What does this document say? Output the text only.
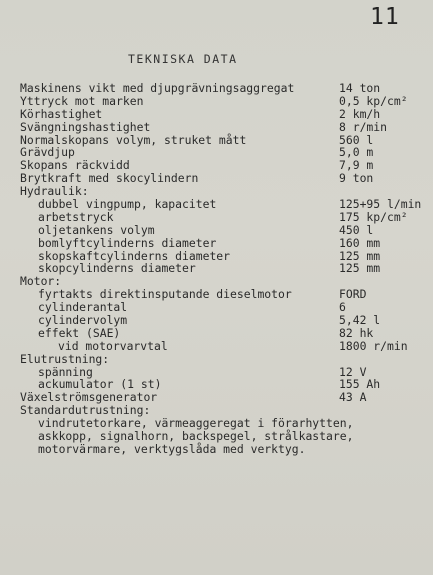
11
TEKNISKA DATA
Maskinens vikt med djupgrävningsaggregat	14 ton
Yttryck mot marken	0,5 kp/cm²
Körhastighet	2 km/h
Svängningshastighet	8 r/min
Normalskopans volym, struket mått	560 l
Grävdjup	5,0 m
Skopans räckvidd	7,9 m
Brytkraft med skocylindern	9 ton
Hydraulik:
dubbel vingpump, kapacitet	125+95 l/min
arbetstryck	175 kp/cm²
oljetankens volym	450 l
bomlyftcylinderns diameter	160 mm
skopskaftcylinderns diameter	125 mm
skopcylinderns diameter	125 mm
Motor:
fyrtakts direktinsputande dieselmotor	FORD
cylinderantal	6
cylindervolym	5,42 l
effekt (SAE)	82 hk
vid motorvarvtal	1800 r/min
Elutrustning:
spänning	12 V
ackumulator (1 st)	155 Ah
Växelströmsgenerator	43 A
Standardutrustning:
vindrutetorkare, värmeaggeregat i förarhytten,
askkopp, signalhorn, backspegel, strålkastare,
motorvärmare, verktygslåda med verktyg.
